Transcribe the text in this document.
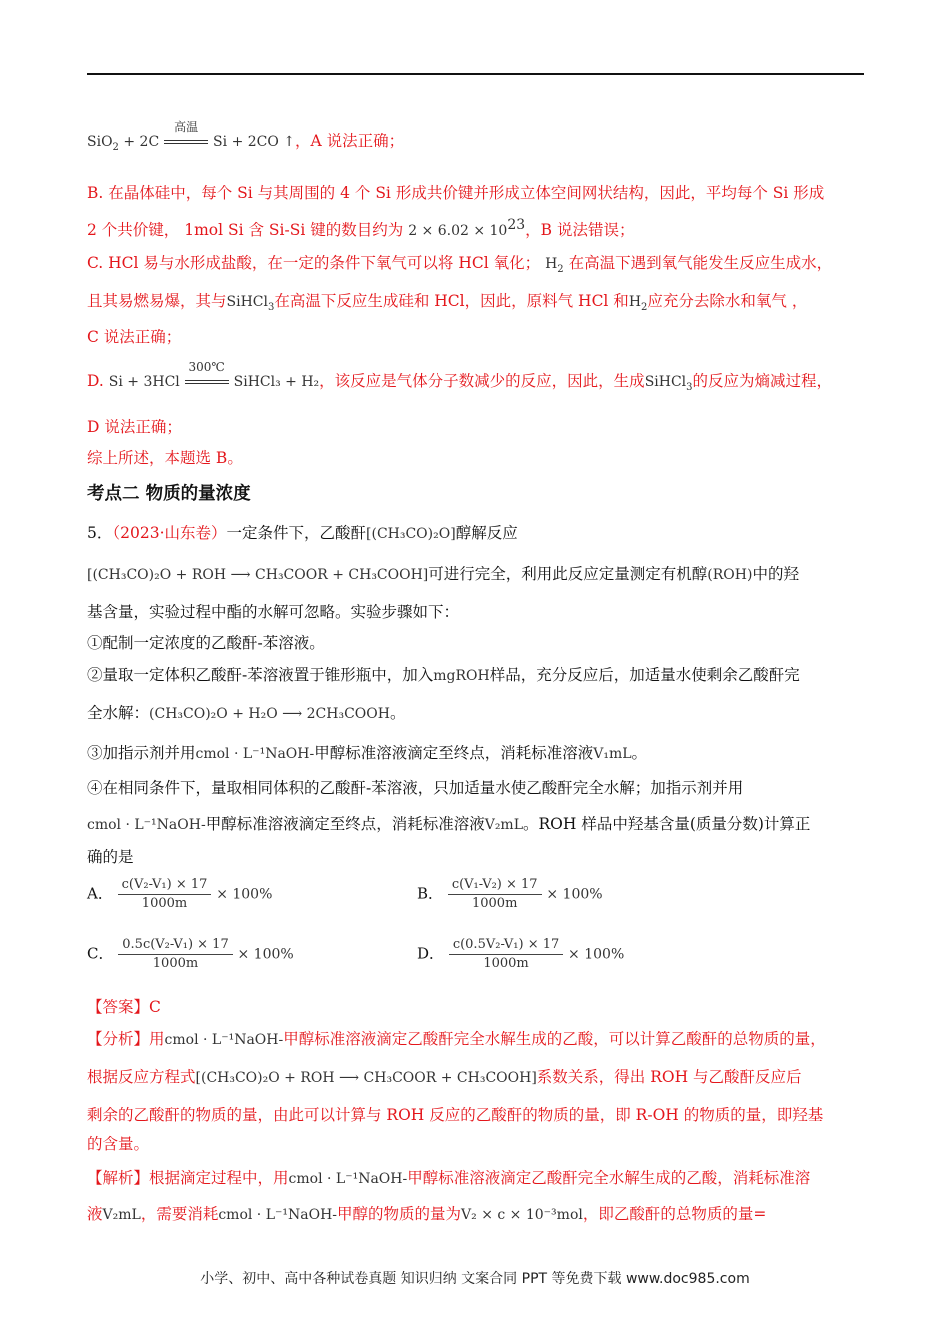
SiO$_2$ + 2C
高温
Si + 2CO ↑，A 说法正确；
B. 在晶体硅中，每个 Si 与其周围的 4 个 Si 形成共价键并形成立体空间网状结构，因此，平均每个 Si 形成
2 个共价键， 1mol Si 含 Si-Si 键的数目约为 $2 \times 6.02 \times 10^{23}$，B 说法错误；
C. HCl 易与水形成盐酸，在一定的条件下氧气可以将 HCl 氧化； $H_2$ 在高温下遇到氧气能发生反应生成水，
且其易燃易爆，其与SiHCl$_3$在高温下反应生成硅和 HCl，因此，原料气 HCl 和$H_2$应充分去除水和氧气 ，
C 说法正确；
D. Si + 3HCl
300℃
SiHCl₃ + H₂，该反应是气体分子数减少的反应，因此，生成SiHCl$_3$的反应为熵减过程，
D 说法正确；
综上所述，本题选 B。
考点二 物质的量浓度
5．（2023·山东卷）一定条件下，乙酸酐[(CH₃CO)₂O]醇解反应
[(CH₃CO)₂O + ROH ⟶ CH₃COOR + CH₃COOH]可进行完全，利用此反应定量测定有机醇(ROH)中的羟
基含量，实验过程中酯的水解可忽略。实验步骤如下：
①配制一定浓度的乙酸酐-苯溶液。
②量取一定体积乙酸酐-苯溶液置于锥形瓶中，加入mgROH样品，充分反应后，加适量水使剩余乙酸酐完
全水解：(CH₃CO)₂O + H₂O ⟶ 2CH₃COOH。
③加指示剂并用cmol · L⁻¹NaOH-甲醇标准溶液滴定至终点，消耗标准溶液V₁mL。
④在相同条件下，量取相同体积的乙酸酐-苯溶液，只加适量水使乙酸酐完全水解；加指示剂并用
cmol · L⁻¹NaOH-甲醇标准溶液滴定至终点，消耗标准溶液V₂mL。ROH 样品中羟基含量(质量分数)计算正
确的是
A． $\frac{\text{c(V₂-V₁) × 17}}{1000m} \times 100\%$	B． $\frac{\text{c(V₁-V₂) × 17}}{1000m} \times 100\%$
C． $\frac{\text{0.5c(V₂-V₁) × 17}}{1000m} \times 100\%$	D． $\frac{\text{c(0.5V₂-V₁) × 17}}{1000m} \times 100\%$
【答案】C
【分析】用cmol · L⁻¹NaOH-甲醇标准溶液滴定乙酸酐完全水解生成的乙酸，可以计算乙酸酐的总物质的量，
根据反应方程式[(CH₃CO)₂O + ROH ⟶ CH₃COOR + CH₃COOH]系数关系，得出 ROH 与乙酸酐反应后
剩余的乙酸酐的物质的量，由此可以计算与 ROH 反应的乙酸酐的物质的量，即 R-OH 的物质的量，即羟基
的含量。
【解析】根据滴定过程中，用cmol · L⁻¹NaOH-甲醇标准溶液滴定乙酸酐完全水解生成的乙酸，消耗标准溶
液V₂mL，需要消耗cmol · L⁻¹NaOH-甲醇的物质的量为V₂ × c × 10⁻³mol，即乙酸酐的总物质的量=
小学、初中、高中各种试卷真题 知识归纳 文案合同 PPT 等免费下载 www.doc985.com
